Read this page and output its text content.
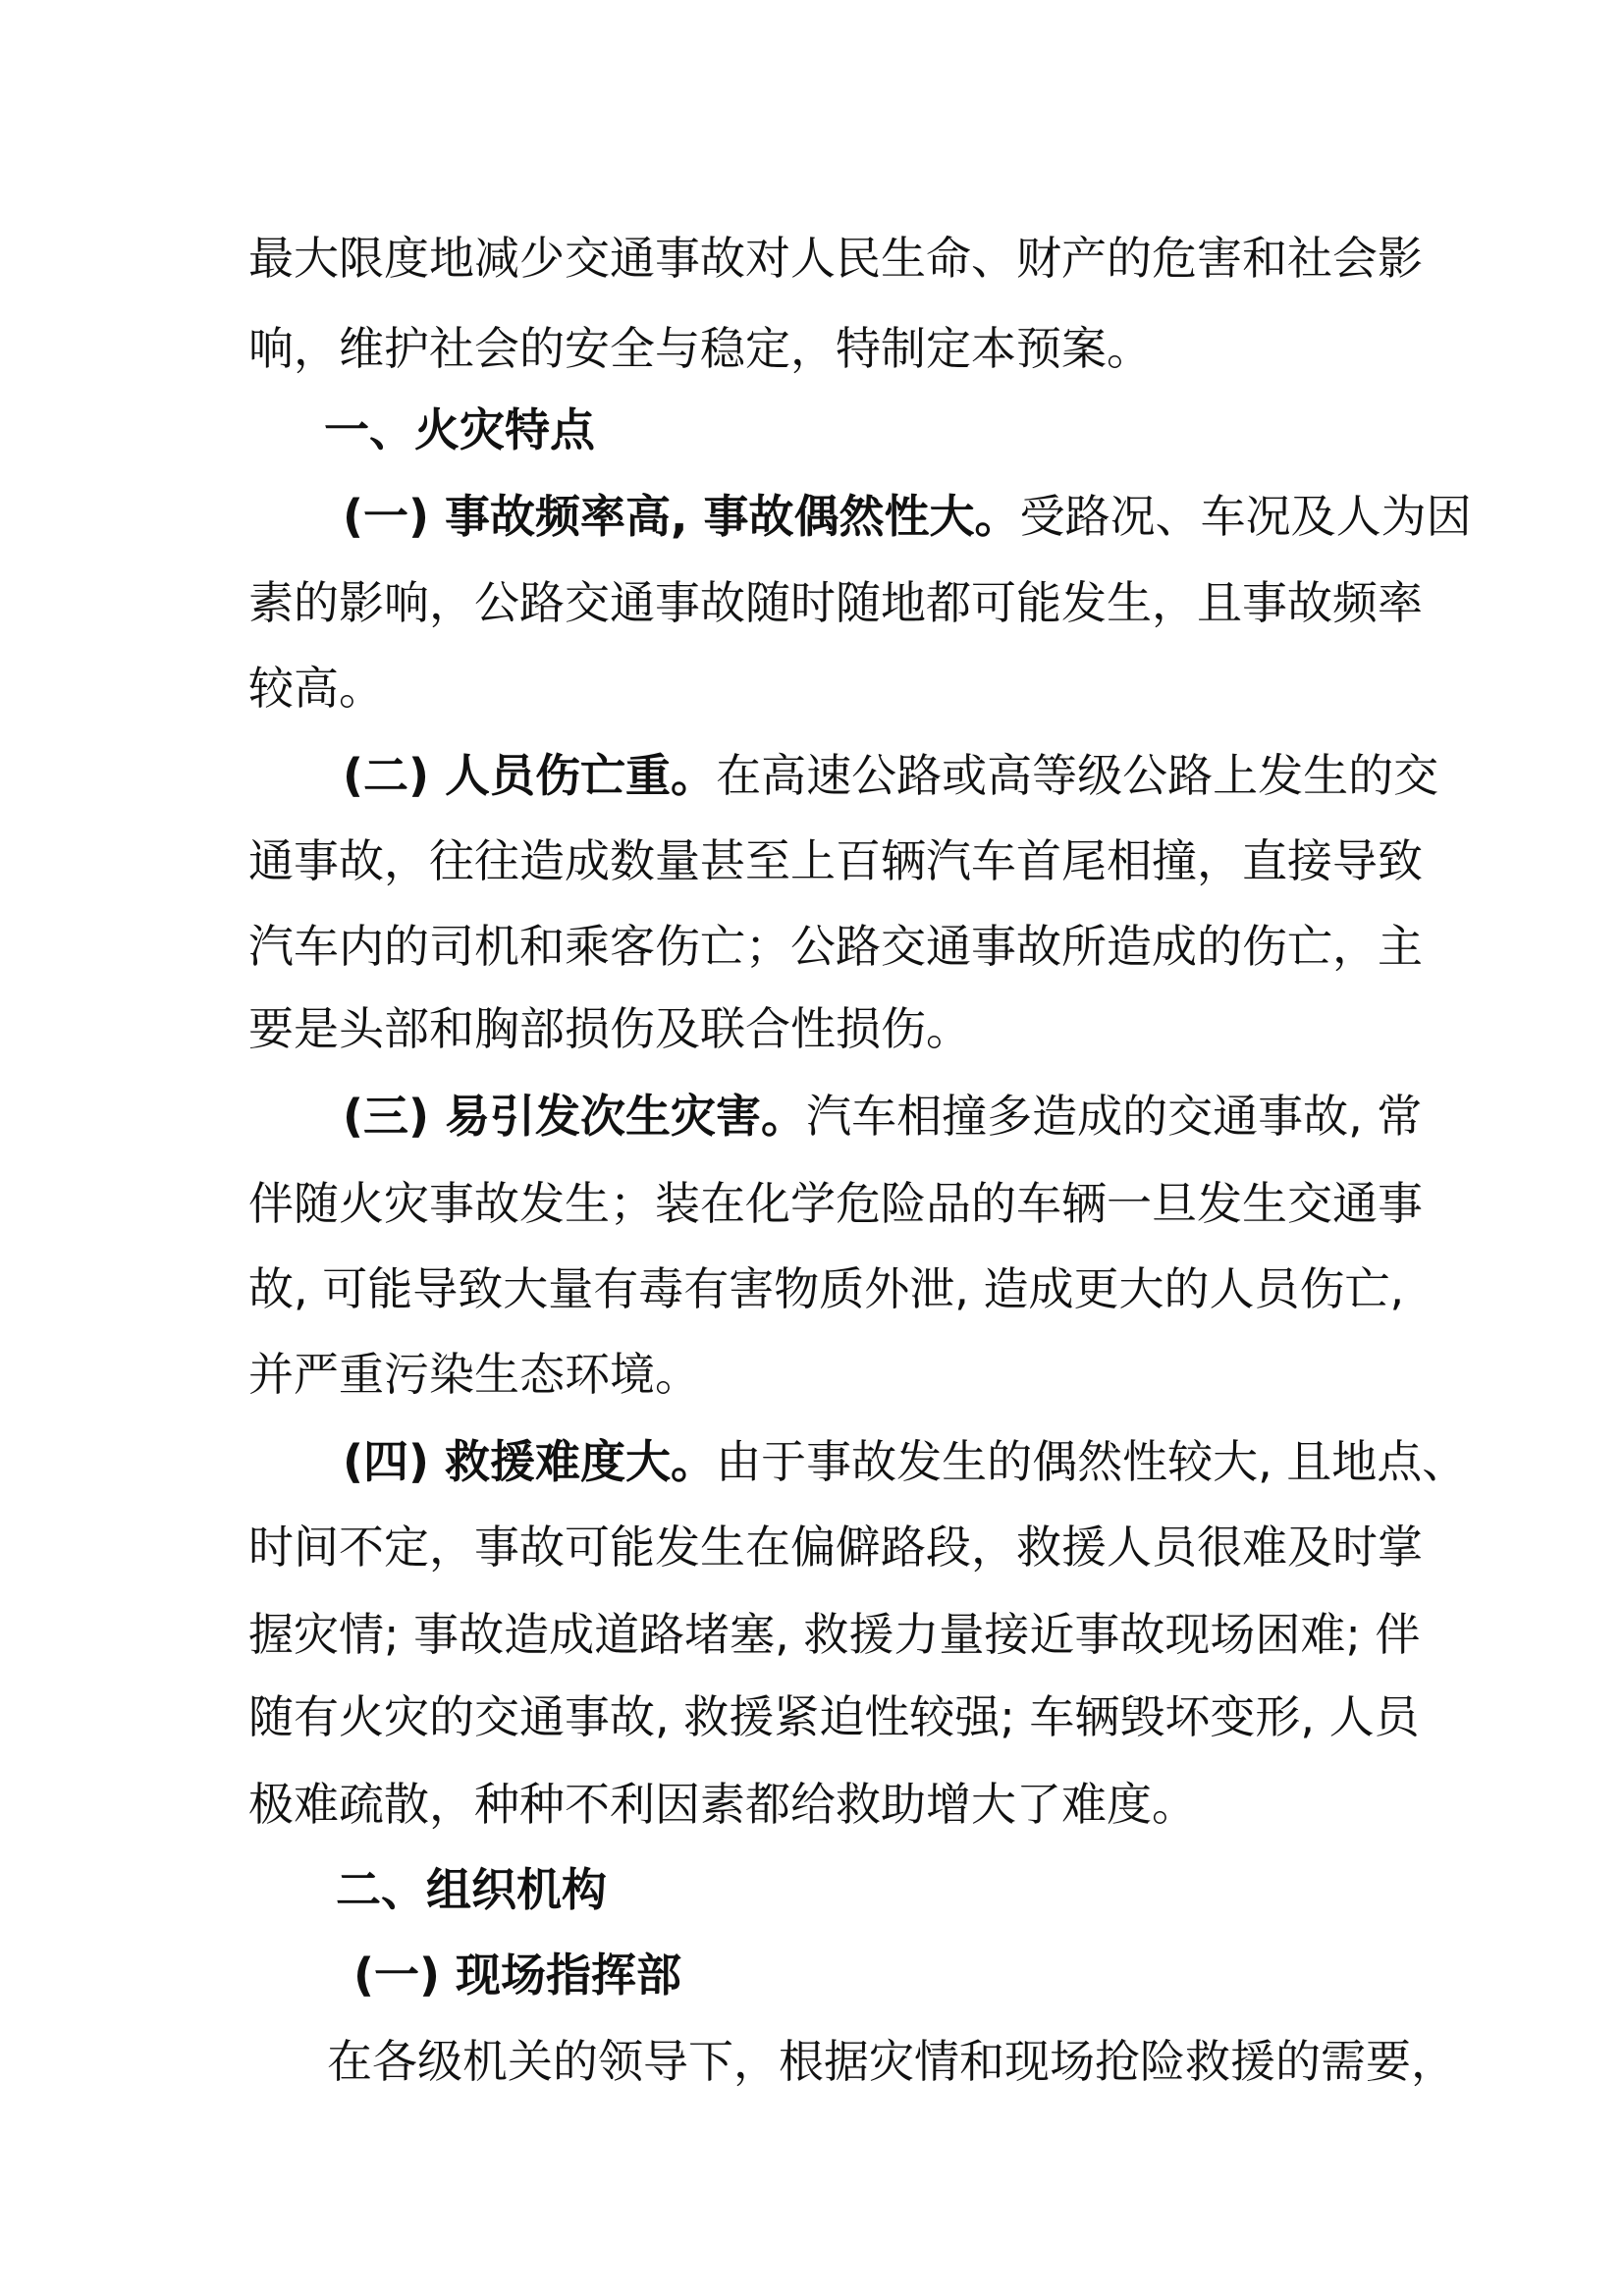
最大限度地减少交通事故对人民生命、财产的危害和社会影
响，维护社会的安全与稳定，特制定本预案。
一、火灾特点
(一) 事故频率高, 事故偶然性大。受路况、车况及人为因
素的影响，公路交通事故随时随地都可能发生，且事故频率
较高。
(二) 人员伤亡重。在高速公路或高等级公路上发生的交
通事故，往往造成数量甚至上百辆汽车首尾相撞，直接导致
汽车内的司机和乘客伤亡；公路交通事故所造成的伤亡，主
要是头部和胸部损伤及联合性损伤。
(三) 易引发次生灾害。汽车相撞多造成的交通事故, 常
伴随火灾事故发生；装在化学危险品的车辆一旦发生交通事
故, 可能导致大量有毒有害物质外泄, 造成更大的人员伤亡,
并严重污染生态环境。
(四) 救援难度大。由于事故发生的偶然性较大, 且地点、
时间不定，事故可能发生在偏僻路段，救援人员很难及时掌
握灾情; 事故造成道路堵塞, 救援力量接近事故现场困难; 伴
随有火灾的交通事故, 救援紧迫性较强; 车辆毁坏变形, 人员
极难疏散，种种不利因素都给救助增大了难度。
二、组织机构
(一) 现场指挥部
在各级机关的领导下，根据灾情和现场抢险救援的需要，
